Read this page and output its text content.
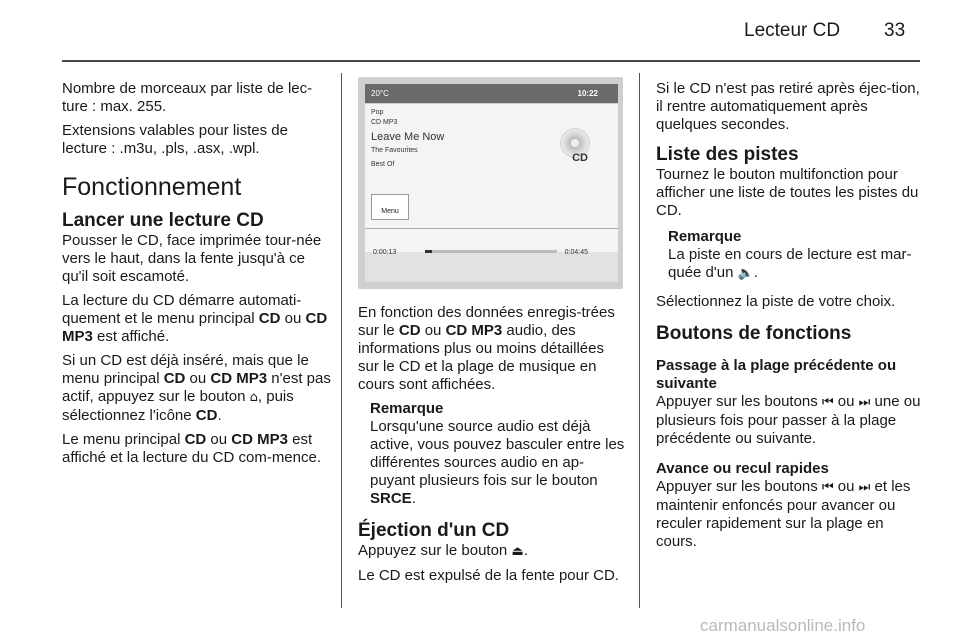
Lecteur CD 33

Nombre de morceaux par liste de lec-ture : max. 255.

Extensions valables pour listes de lecture : .m3u, .pls, .asx, .wpl.

Fonctionnement

Lancer une lecture CD

Pousser le CD, face imprimée tour-née vers le haut, dans la fente jusqu'à ce qu'il soit escamoté.

La lecture du CD démarre automati-quement et le menu principal CD ou CD MP3 est affiché.

Si un CD est déjà inséré, mais que le menu principal CD ou CD MP3 n'est pas actif, appuyez sur le bouton ⌂, puis sélectionnez l'icône CD.

Le menu principal CD ou CD MP3 est affiché et la lecture du CD com-mence.

20°C	10:22
Pop
CD MP3
Leave Me Now
The Favourites
Best Of
CD
Menu
0:00:13	0:04:45

En fonction des données enregis-trées sur le CD ou CD MP3 audio, des informations plus ou moins détaillées sur le CD et la plage de musique en cours sont affichées.

Remarque

Lorsqu'une source audio est déjà active, vous pouvez basculer entre les différentes sources audio en ap-puyant plusieurs fois sur le bouton SRCE.

Éjection d'un CD

Appuyez sur le bouton ⏏.

Le CD est expulsé de la fente pour CD.

Si le CD n'est pas retiré après éjec-tion, il rentre automatiquement après quelques secondes.

Liste des pistes

Tournez le bouton multifonction pour afficher une liste de toutes les pistes du CD.

Remarque

La piste en cours de lecture est mar-quée d'un 🔈.

Sélectionnez la piste de votre choix.

Boutons de fonctions

Passage à la plage précédente ou suivante

Appuyer sur les boutons ⏮ ou ⏭ une ou plusieurs fois pour passer à la plage précédente ou suivante.

Avance ou recul rapides

Appuyer sur les boutons ⏮ ou ⏭ et les maintenir enfoncés pour avancer ou reculer rapidement sur la plage en cours.

carmanualsonline.info
